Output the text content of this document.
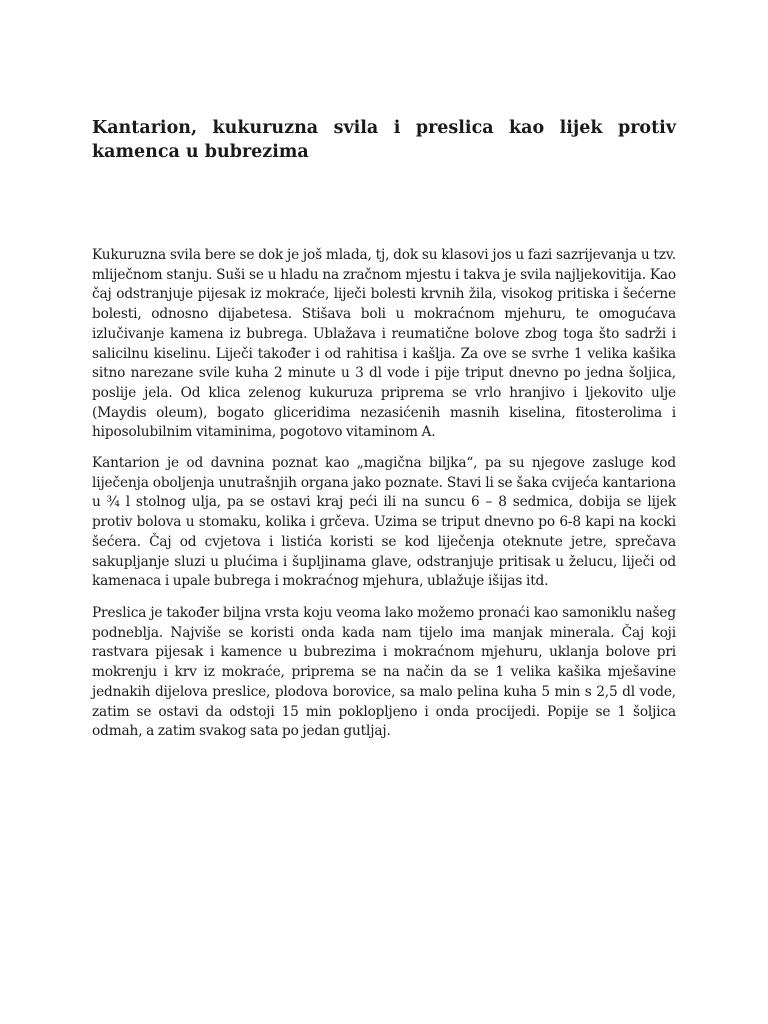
Kantarion, kukuruzna svila i preslica kao lijek protiv kamenca u bubrezima

Kukuruzna svila bere se dok je još mlada, tj, dok su klasovi jos u fazi sazrijevanja u tzv. mliječnom stanju. Suši se u hladu na zračnom mjestu i takva je svila najljekovitija. Kao čaj odstranjuje pijesak iz mokraće, liječi bolesti krvnih žila, visokog pritiska i šećerne bolesti, odnosno dijabetesa. Stišava boli u mokraćnom mjehuru, te omogućava izlučivanje kamena iz bubrega. Ublažava i reumatične bolove zbog toga što sadrži i salicilnu kiselinu. Liječi također i od rahitisa i kašlja. Za ove se svrhe 1 velika kašika sitno narezane svile kuha 2 minute u 3 dl vode i pije triput dnevno po jedna šoljica, poslije jela. Od klica zelenog kukuruza priprema se vrlo hranjivo i ljekovito ulje (Maydis oleum), bogato gliceridima nezasićenih masnih kiselina, fitosterolima i hiposolubilnim vitaminima, pogotovo vitaminom A.

Kantarion je od davnina poznat kao „magična biljka“, pa su njegove zasluge kod liječenja oboljenja unutrašnjih organa jako poznate. Stavi li se šaka cvijeća kantariona u ¾ l stolnog ulja, pa se ostavi kraj peći ili na suncu 6 – 8 sedmica, dobija se lijek protiv bolova u stomaku, kolika i grčeva. Uzima se triput dnevno po 6-8 kapi na kocki šećera. Čaj od cvjetova i listića koristi se kod liječenja oteknute jetre, sprečava sakupljanje sluzi u plućima i šupljinama glave, odstranjuje pritisak u želucu, liječi od kamenaca i upale bubrega i mokraćnog mjehura, ublažuje išijas itd.

Preslica je također biljna vrsta koju veoma lako možemo pronaći kao samoniklu našeg podneblja. Najviše se koristi onda kada nam tijelo ima manjak minerala. Čaj koji rastvara pijesak i kamence u bubrezima i mokraćnom mjehuru, uklanja bolove pri mokrenju i krv iz mokraće, priprema se na način da se 1 velika kašika mješavine jednakih dijelova preslice, plodova borovice, sa malo pelina kuha 5 min s 2,5 dl vode, zatim se ostavi da odstoji 15 min poklopljeno i onda procijedi. Popije se 1 šoljica odmah, a zatim svakog sata po jedan gutljaj.
